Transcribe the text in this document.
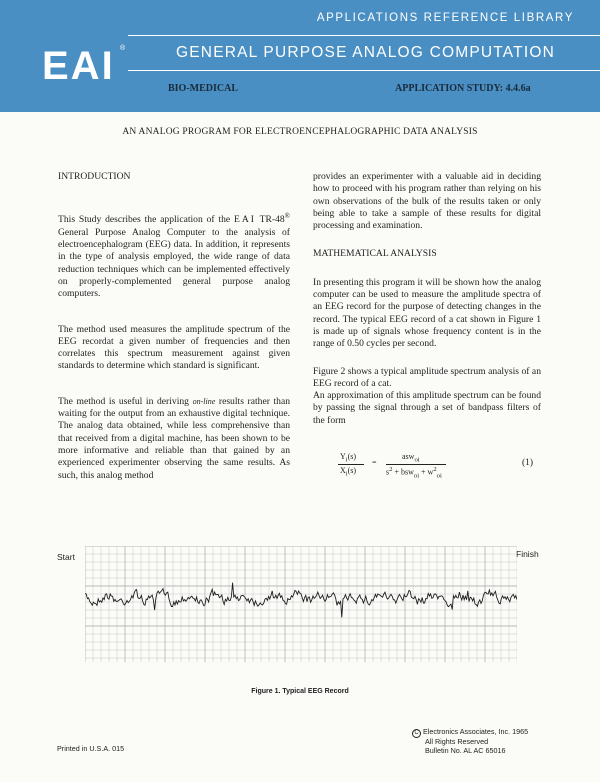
APPLICATIONS REFERENCE LIBRARY
EAI ®	GENERAL PURPOSE ANALOG COMPUTATION
BIO-MEDICAL	APPLICATION STUDY: 4.4.6a
AN ANALOG PROGRAM FOR ELECTROENCEPHALOGRAPHIC DATA ANALYSIS
INTRODUCTION

This Study describes the application of the EAI TR-48® General Purpose Analog Computer to the analysis of electroencephalogram (EEG) data. In addition, it represents in the type of analysis employed, the wide range of data reduction techniques which can be implemented effectively on properly-complemented general purpose analog computers.

The method used measures the amplitude spectrum of the EEG recordat a given number of frequencies and then correlates this spectrum measurement against given standards to determine which standard is significant.

The method is useful in deriving on-line results rather than waiting for the output from an exhaustive digital technique. The analog data obtained, while less comprehensive than that received from a digital machine, has been shown to be more informative and reliable than that gained by an experienced experimenter observing the same results. As such, this analog method

provides an experimenter with a valuable aid in deciding how to proceed with his program rather than relying on his own observations of the bulk of the results taken or only being able to take a sample of these results for digital processing and examination.

MATHEMATICAL ANALYSIS

In presenting this program it will be shown how the analog computer can be used to measure the amplitude spectra of an EEG record for the purpose of detecting changes in the record. The typical EEG record of a cat shown in Figure 1 is made up of signals whose frequency content is in the range of 0.50 cycles per second.

Figure 2 shows a typical amplitude spectrum analysis of an EEG record of a cat.

An approximation of this amplitude spectrum can be found by passing the signal through a set of bandpass filters of the form

$Y_i(s)$
$X_i(s)$
=
asw$_{oi}$
$s^2 + bsw_{oi} + w^2_{oi}$
(1)
Start	Finish
Figure 1. Typical EEG Record
Printed in U.S.A. 015
C Electronics Associates, Inc. 1965
All Rights Reserved
Bulletin No. AL AC 65016
